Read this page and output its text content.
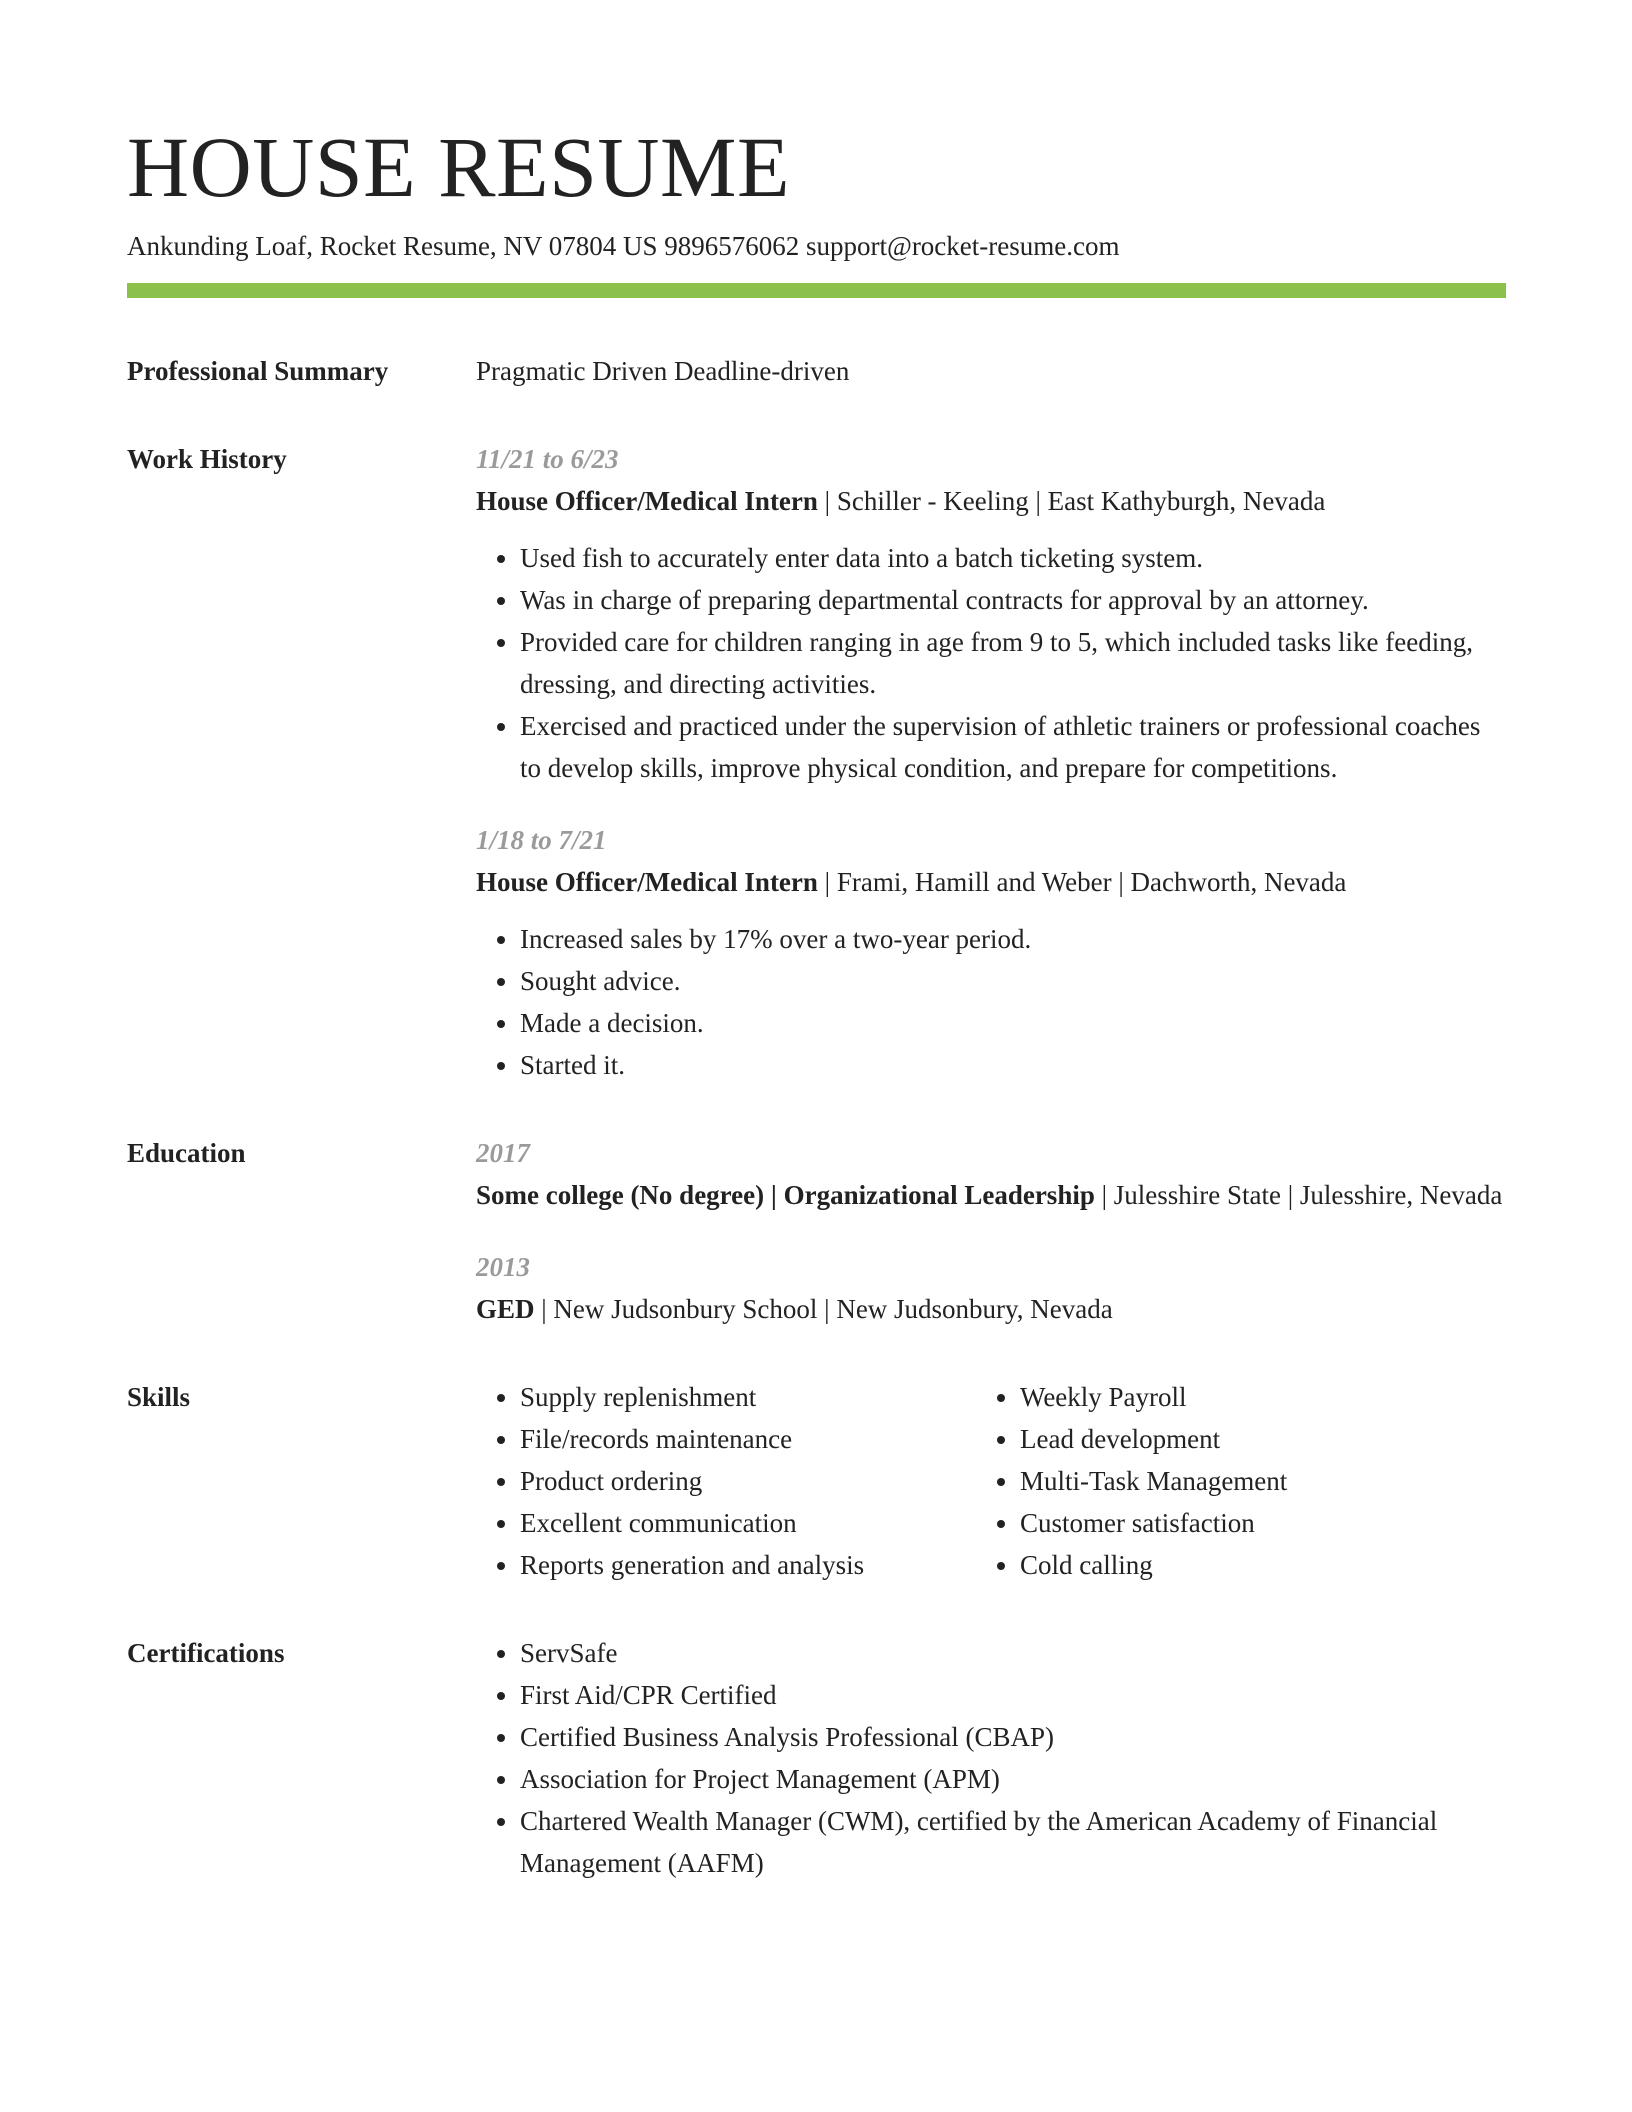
HOUSE RESUME
Ankunding Loaf, Rocket Resume, NV 07804 US 9896576062 support@rocket-resume.com
Professional Summary	Pragmatic Driven Deadline-driven
Work History	11/21 to 6/23
House Officer/Medical Intern | Schiller - Keeling | East Kathyburgh, Nevada
• Used fish to accurately enter data into a batch ticketing system.
• Was in charge of preparing departmental contracts for approval by an attorney.
• Provided care for children ranging in age from 9 to 5, which included tasks like feeding, dressing, and directing activities.
• Exercised and practiced under the supervision of athletic trainers or professional coaches to develop skills, improve physical condition, and prepare for competitions.
1/18 to 7/21
House Officer/Medical Intern | Frami, Hamill and Weber | Dachworth, Nevada
• Increased sales by 17% over a two-year period.
• Sought advice.
• Made a decision.
• Started it.
Education	2017
Some college (No degree) | Organizational Leadership | Julesshire State | Julesshire, Nevada
2013
GED | New Judsonbury School | New Judsonbury, Nevada
Skills	• Supply replenishment
• File/records maintenance
• Product ordering
• Excellent communication
• Reports generation and analysis
• Weekly Payroll
• Lead development
• Multi-Task Management
• Customer satisfaction
• Cold calling
Certifications	• ServSafe
• First Aid/CPR Certified
• Certified Business Analysis Professional (CBAP)
• Association for Project Management (APM)
• Chartered Wealth Manager (CWM), certified by the American Academy of Financial Management (AAFM)
